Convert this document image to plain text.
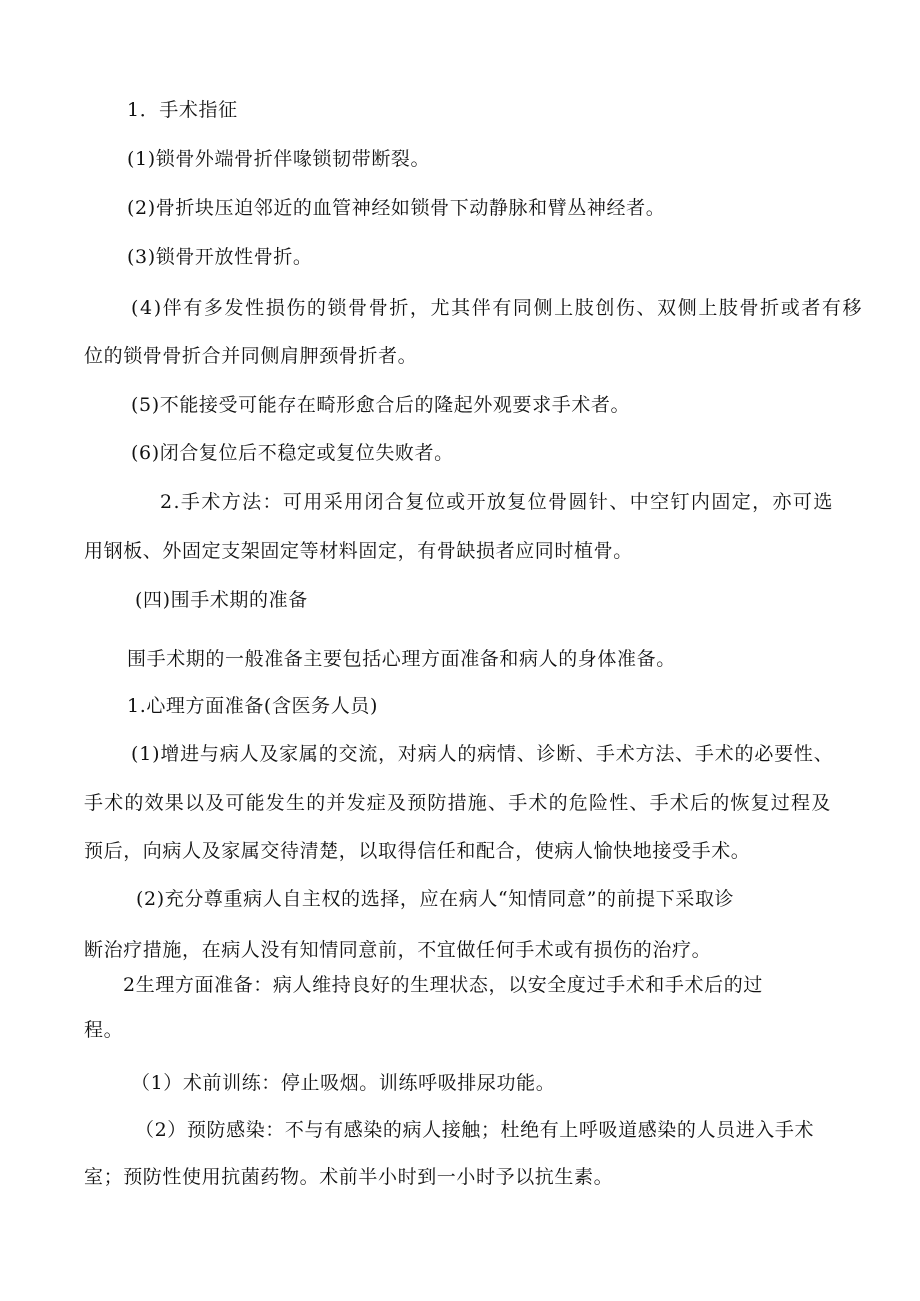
1．手术指征
(1)锁骨外端骨折伴喙锁韧带断裂。
(2)骨折块压迫邻近的血管神经如锁骨下动静脉和臂丛神经者。
(3)锁骨开放性骨折。
(4)伴有多发性损伤的锁骨骨折，尤其伴有同侧上肢创伤、双侧上肢骨折或者有移
位的锁骨骨折合并同侧肩胛颈骨折者。
(5)不能接受可能存在畸形愈合后的隆起外观要求手术者。
(6)闭合复位后不稳定或复位失败者。
2.手术方法：可用采用闭合复位或开放复位骨圆针、中空钉内固定，亦可选
用钢板、外固定支架固定等材料固定，有骨缺损者应同时植骨。
(四)围手术期的准备
围手术期的一般准备主要包括心理方面准备和病人的身体准备。
1.心理方面准备(含医务人员)
(1)增进与病人及家属的交流，对病人的病情、诊断、手术方法、手术的必要性、
手术的效果以及可能发生的并发症及预防措施、手术的危险性、手术后的恢复过程及
预后，向病人及家属交待清楚，以取得信任和配合，使病人愉快地接受手术。
(2)充分尊重病人自主权的选择，应在病人“知情同意”的前提下采取诊
断治疗措施，在病人没有知情同意前，不宜做任何手术或有损伤的治疗。
2生理方面准备：病人维持良好的生理状态，以安全度过手术和手术后的过
程。
（1）术前训练：停止吸烟。训练呼吸排尿功能。
（2）预防感染：不与有感染的病人接触；杜绝有上呼吸道感染的人员进入手术
室；预防性使用抗菌药物。术前半小时到一小时予以抗生素。
